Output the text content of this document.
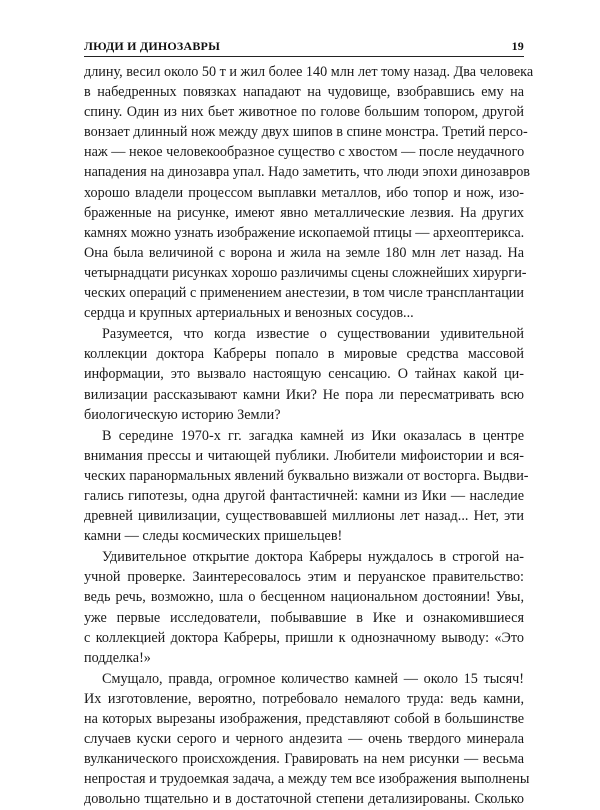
ЛЮДИ И ДИНОЗАВРЫ	19
длину, весил около 50 т и жил более 140 млн лет тому назад. Два человека
в набедренных повязках нападают на чудовище, взобравшись ему на
спину. Один из них бьет животное по голове большим топором, другой
вонзает длинный нож между двух шипов в спине монстра. Третий персо-
наж — некое человекообразное существо с хвостом — после неудачного
нападения на динозавра упал. Надо заметить, что люди эпохи динозавров
хорошо владели процессом выплавки металлов, ибо топор и нож, изо-
браженные на рисунке, имеют явно металлические лезвия. На других
камнях можно узнать изображение ископаемой птицы — археоптерикса.
Она была величиной с ворона и жила на земле 180 млн лет назад. На
четырнадцати рисунках хорошо различимы сцены сложнейших хирурги-
ческих операций с применением анестезии, в том числе трансплантации
сердца и крупных артериальных и венозных сосудов...
Разумеется, что когда известие о существовании удивительной
коллекции доктора Кабреры попало в мировые средства массовой
информации, это вызвало настоящую сенсацию. О тайнах какой ци-
вилизации рассказывают камни Ики? Не пора ли пересматривать всю
биологическую историю Земли?
В середине 1970-х гг. загадка камней из Ики оказалась в центре
внимания прессы и читающей публики. Любители мифоистории и вся-
ческих паранормальных явлений буквально визжали от восторга. Выдви-
гались гипотезы, одна другой фантастичней: камни из Ики — наследие
древней цивилизации, существовавшей миллионы лет назад... Нет, эти
камни — следы космических пришельцев!
Удивительное открытие доктора Кабреры нуждалось в строгой на-
учной проверке. Заинтересовалось этим и перуанское правительство:
ведь речь, возможно, шла о бесценном национальном достоянии! Увы,
уже первые исследователи, побывавшие в Ике и ознакомившиеся
с коллекцией доктора Кабреры, пришли к однозначному выводу: «Это
подделка!»
Смущало, правда, огромное количество камней — около 15 тысяч!
Их изготовление, вероятно, потребовало немалого труда: ведь камни,
на которых вырезаны изображения, представляют собой в большинстве
случаев куски серого и черного андезита — очень твердого минерала
вулканического происхождения. Гравировать на нем рисунки — весьма
непростая и трудоемкая задача, а между тем все изображения выполнены
довольно тщательно и в достаточной степени детализированы. Сколько
